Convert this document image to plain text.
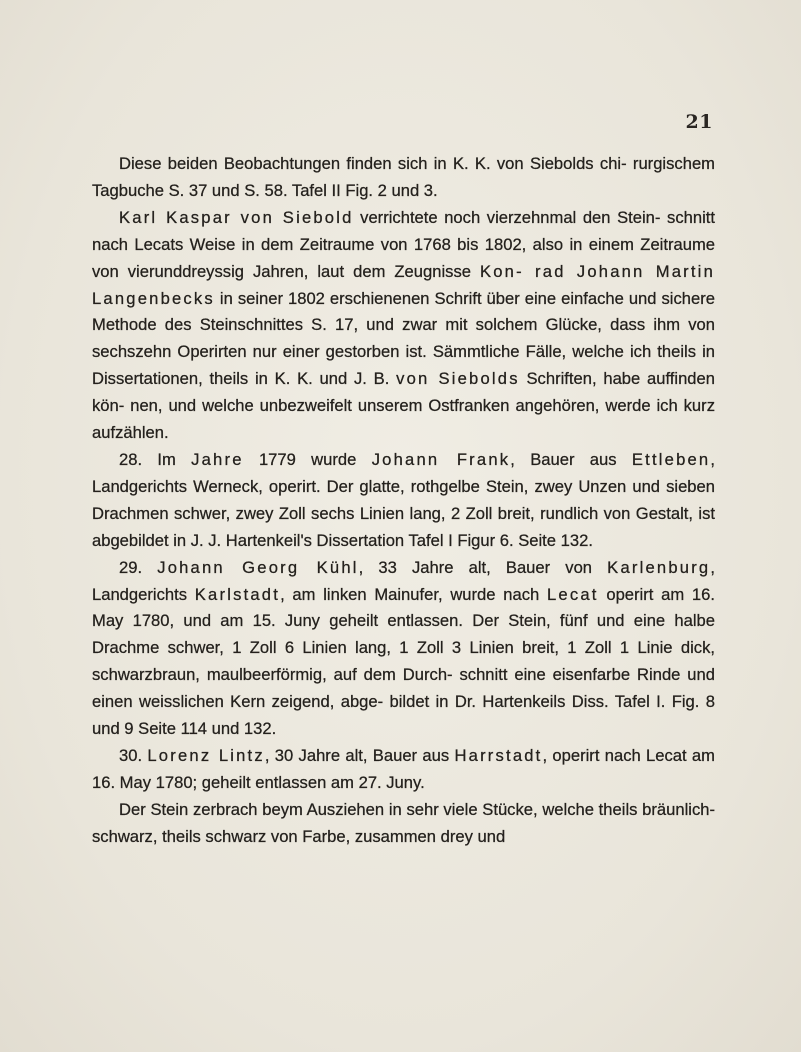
21

Diese beiden Beobachtungen finden sich in K. K. von Siebolds chi- rurgischem Tagbuche S. 37 und S. 58. Tafel II Fig. 2 und 3.

Karl Kaspar von Siebold verrichtete noch vierzehnmal den Stein- schnitt nach Lecats Weise in dem Zeitraume von 1768 bis 1802, also in einem Zeitraume von vierunddreyssig Jahren, laut dem Zeugnisse Kon- rad Johann Martin Langenbecks in seiner 1802 erschienenen Schrift über eine einfache und sichere Methode des Steinschnittes S. 17, und zwar mit solchem Glücke, dass ihm von sechszehn Operirten nur einer gestorben ist. Sämmtliche Fälle, welche ich theils in Dissertationen, theils in K. K. und J. B. von Siebolds Schriften, habe auffinden kön- nen, und welche unbezweifelt unserem Ostfranken angehören, werde ich kurz aufzählen.

28. Im Jahre 1779 wurde Johann Frank, Bauer aus Ettleben, Landgerichts Werneck, operirt. Der glatte, rothgelbe Stein, zwey Unzen und sieben Drachmen schwer, zwey Zoll sechs Linien lang, 2 Zoll breit, rundlich von Gestalt, ist abgebildet in J. J. Hartenkeil's Dissertation Tafel I Figur 6. Seite 132.

29. Johann Georg Kühl, 33 Jahre alt, Bauer von Karlenburg, Landgerichts Karlstadt, am linken Mainufer, wurde nach Lecat operirt am 16. May 1780, und am 15. Juny geheilt entlassen. Der Stein, fünf und eine halbe Drachme schwer, 1 Zoll 6 Linien lang, 1 Zoll 3 Linien breit, 1 Zoll 1 Linie dick, schwarzbraun, maulbeerförmig, auf dem Durch- schnitt eine eisenfarbe Rinde und einen weisslichen Kern zeigend, abge- bildet in Dr. Hartenkeils Diss. Tafel I. Fig. 8 und 9 Seite 114 und 132.

30. Lorenz Lintz, 30 Jahre alt, Bauer aus Harrstadt, operirt nach Lecat am 16. May 1780; geheilt entlassen am 27. Juny.

Der Stein zerbrach beym Ausziehen in sehr viele Stücke, welche theils bräunlich-schwarz, theils schwarz von Farbe, zusammen drey und
